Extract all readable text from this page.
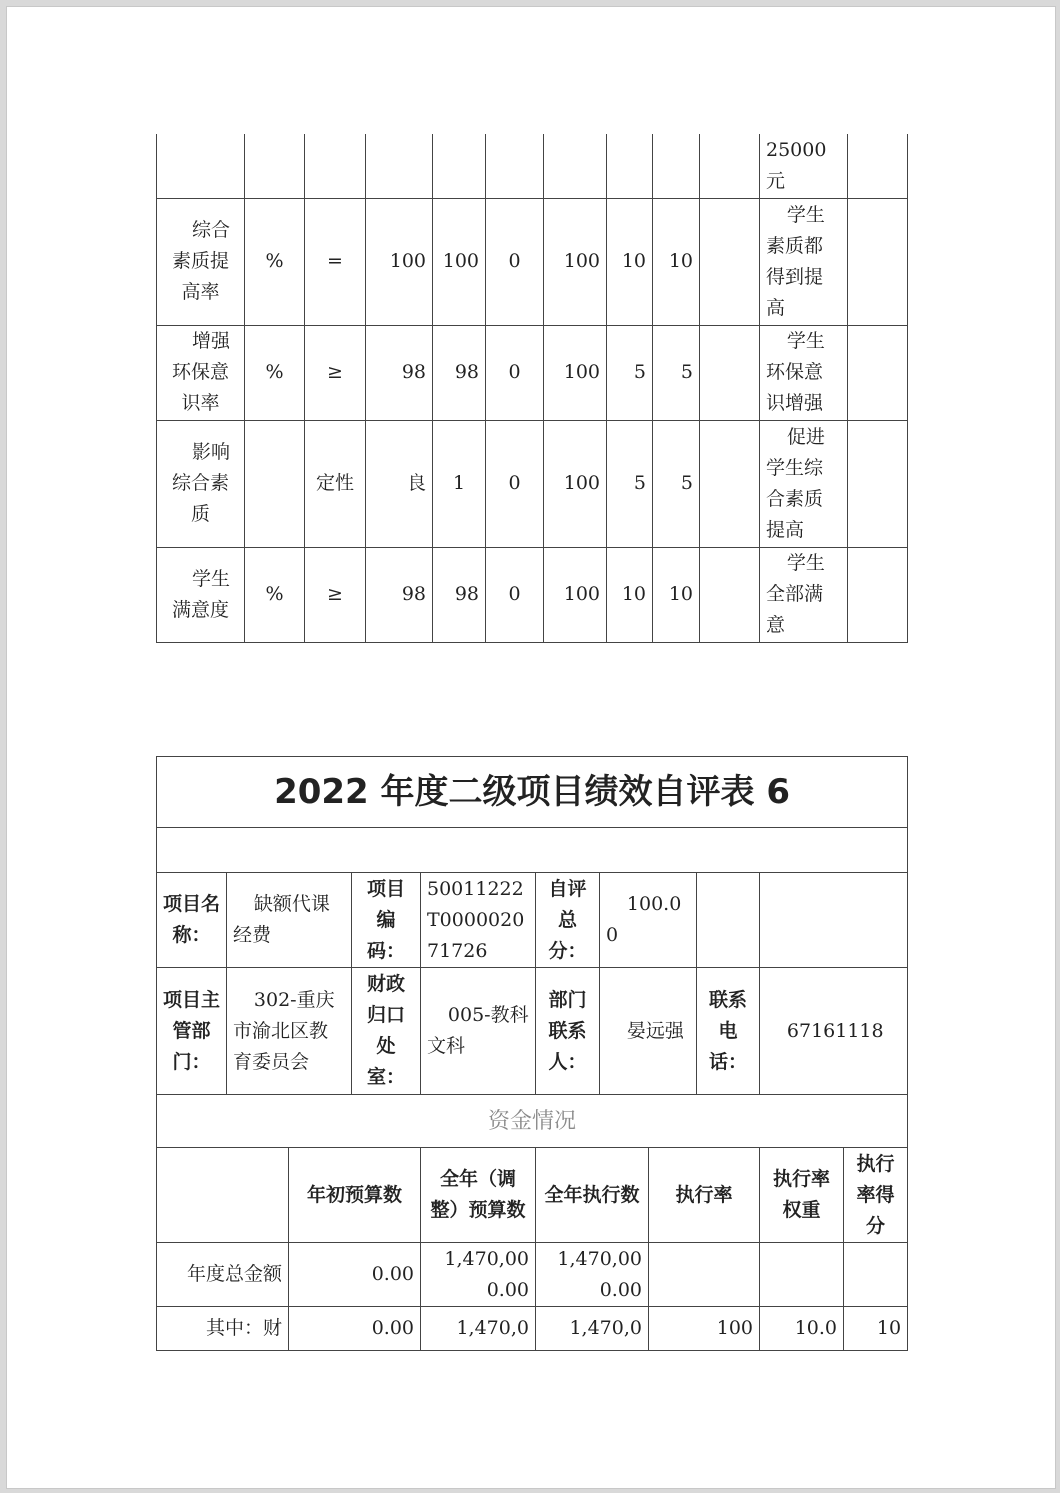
										25000元	
综合素质提高率	%	=	100	100	0	100	10	10		学生素质都得到提高	
增强环保意识率	%	≥	98	98	0	100	5	5		学生环保意识增强	
影响综合素质		定性	良	1	0	100	5	5		促进学生综合素质提高	
学生满意度	%	≥	98	98	0	100	10	10		学生全部满意	
2022 年度二级项目绩效自评表 6										

项目名称：	缺额代课经费		项目编码：	50011222T000002071726	自评总分：	100.00				
项目主管部门：	302-重庆市渝北区教育委员会		财政归口处室：	005-教科文科	部门联系人：	晏远强		联系电话：	67161118	
资金情况										
		年初预算数		全年（调整）预算数	全年执行数		执行率		执行率权重	执行率得分
年度总金额		0.00		1,470,000.00	1,470,000.00					
其中：财		0.00		1,470,0	1,470,0		100		10.0	10
